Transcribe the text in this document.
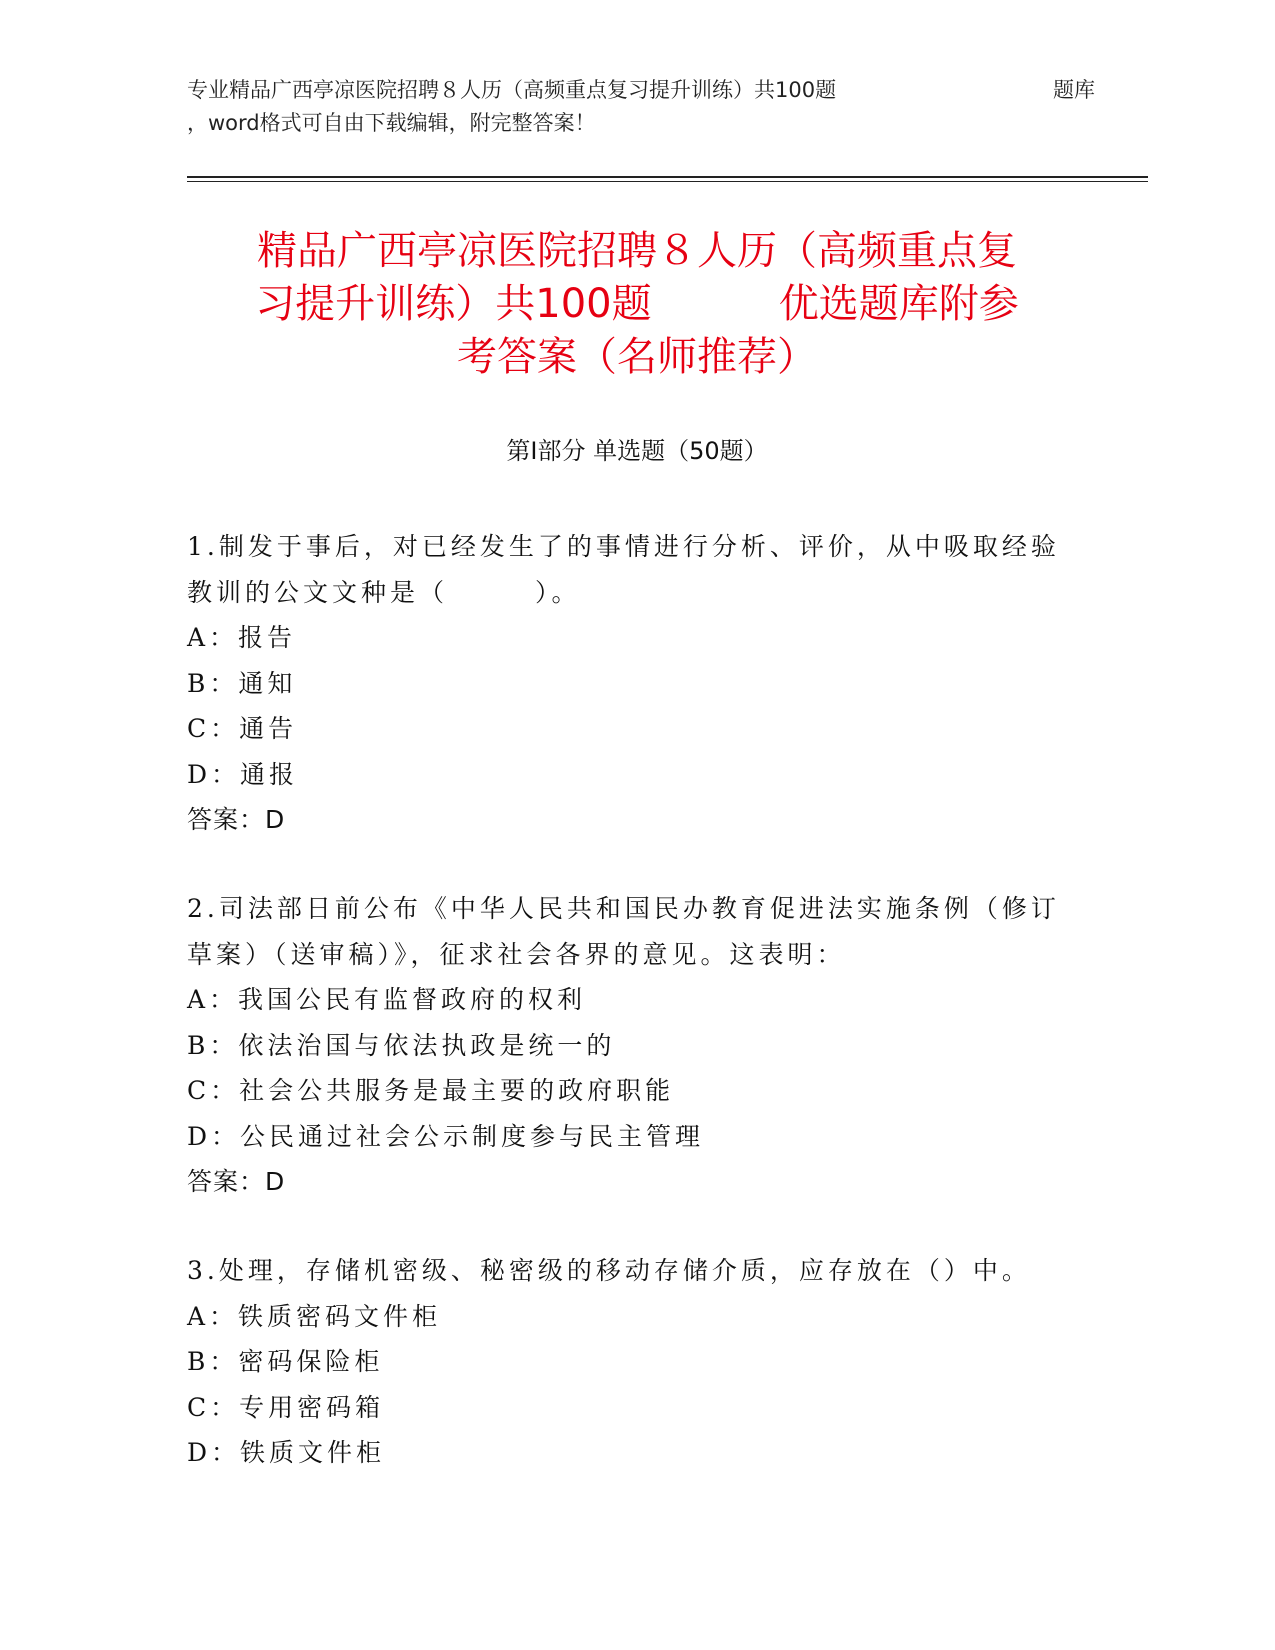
专业精品广西亭凉医院招聘８人历（高频重点复习提升训练）共100题	题库
，word格式可自由下载编辑，附完整答案！
精品广西亭凉医院招聘８人历（高频重点复
习提升训练）共100题          优选题库附参
考答案（名师推荐）
第Ⅰ部分 单选题（50题）
1.制发于事后，对已经发生了的事情进行分析、评价，从中吸取经验
教训的公文文种是（　　　）。
A：报告
B：通知
C：通告
D：通报
答案：D
2.司法部日前公布《中华人民共和国民办教育促进法实施条例（修订
草案）（送审稿）》，征求社会各界的意见。这表明：
A：我国公民有监督政府的权利
B：依法治国与依法执政是统一的
C：社会公共服务是最主要的政府职能
D：公民通过社会公示制度参与民主管理
答案：D
3.处理，存储机密级、秘密级的移动存储介质，应存放在（）中。
A：铁质密码文件柜
B：密码保险柜
C：专用密码箱
D：铁质文件柜
